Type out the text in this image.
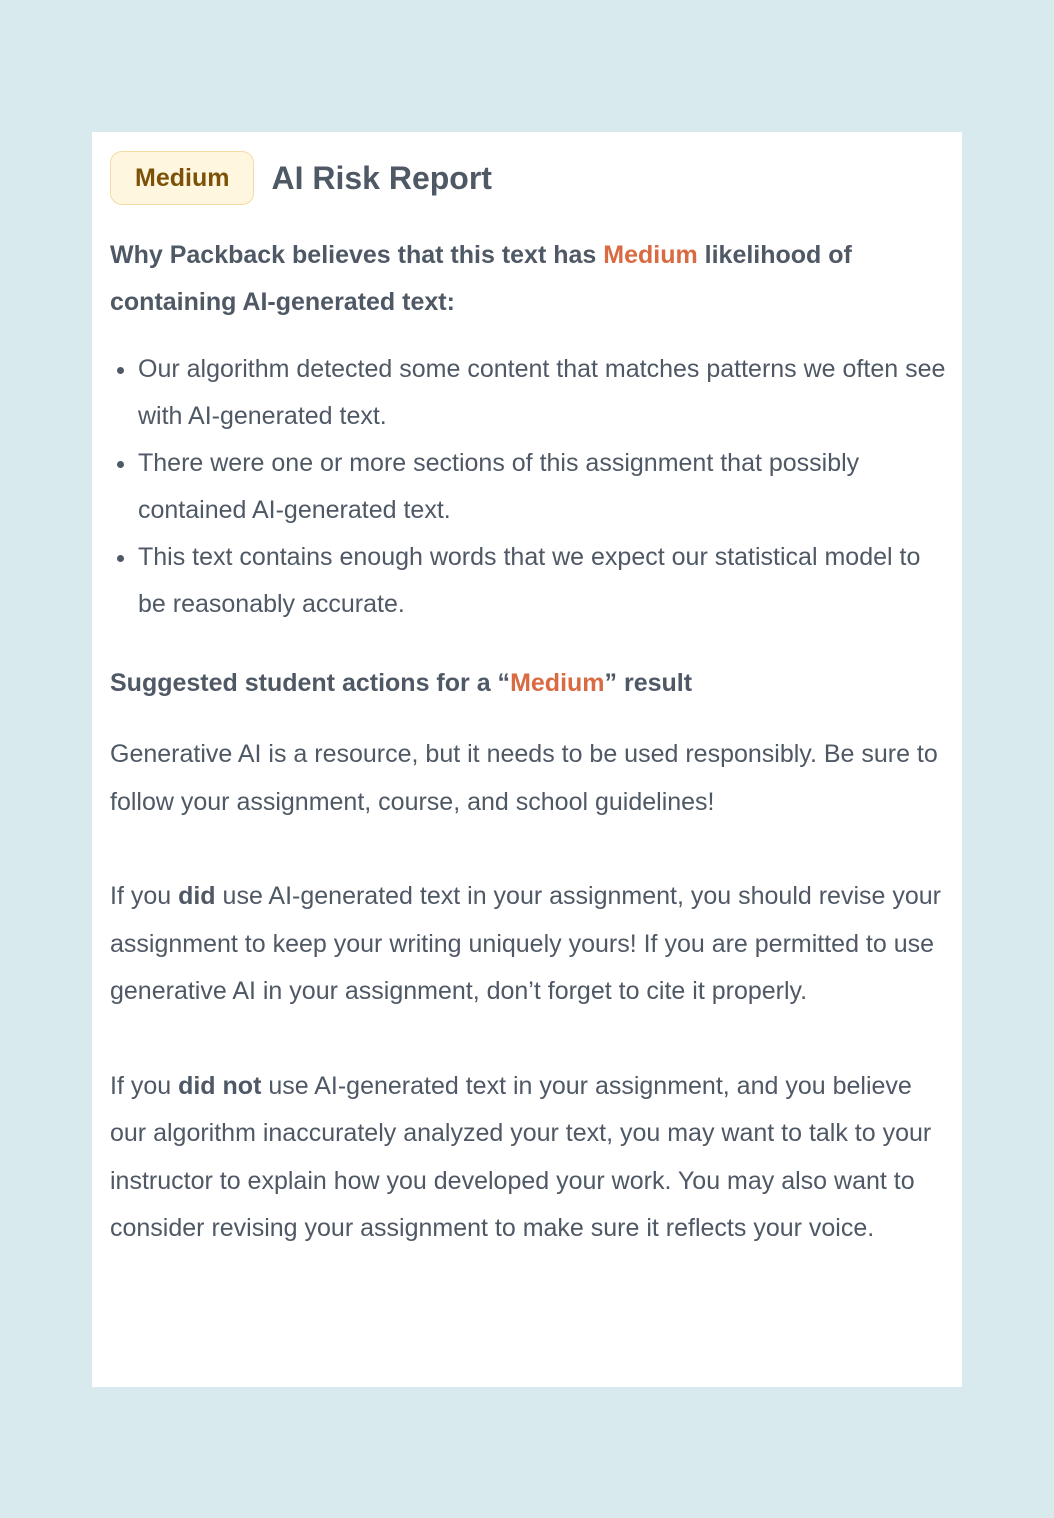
Medium	AI Risk Report
Why Packback believes that this text has Medium likelihood of containing AI-generated text:
• Our algorithm detected some content that matches patterns we often see with AI-generated text.
• There were one or more sections of this assignment that possibly contained AI-generated text.
• This text contains enough words that we expect our statistical model to be reasonably accurate.
Suggested student actions for a “Medium” result

Generative AI is a resource, but it needs to be used responsibly. Be sure to follow your assignment, course, and school guidelines!

If you did use AI-generated text in your assignment, you should revise your assignment to keep your writing uniquely yours! If you are permitted to use generative AI in your assignment, don’t forget to cite it properly.

If you did not use AI-generated text in your assignment, and you believe our algorithm inaccurately analyzed your text, you may want to talk to your instructor to explain how you developed your work. You may also want to consider revising your assignment to make sure it reflects your voice.
